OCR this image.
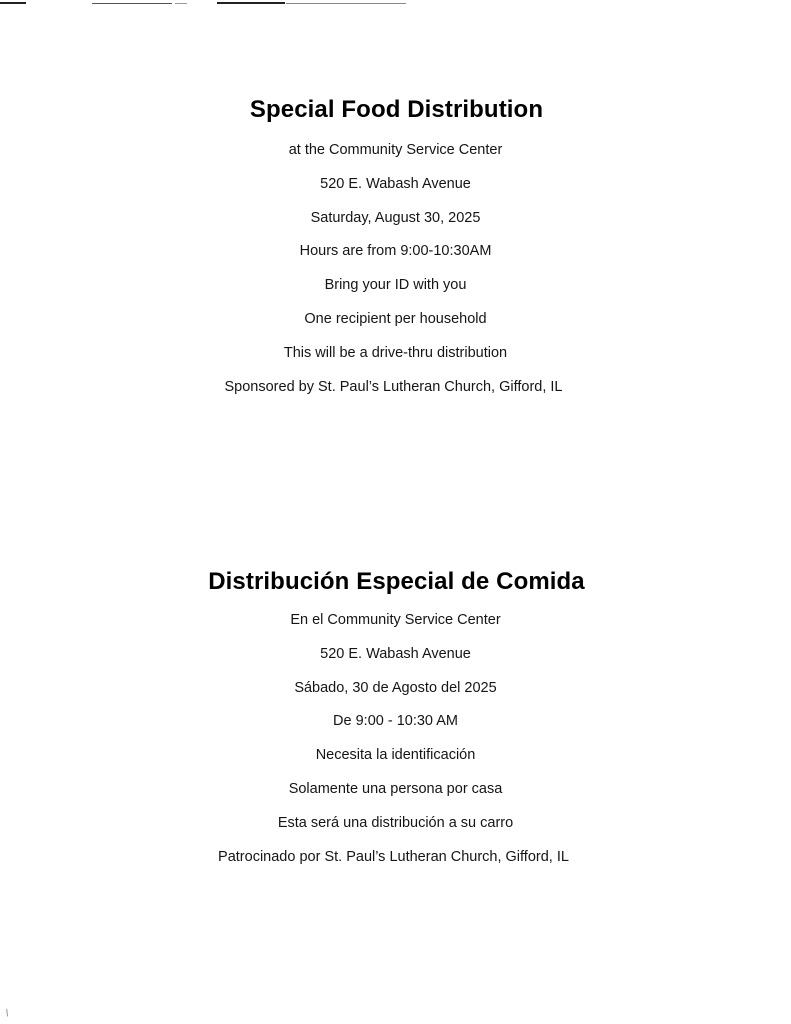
Special Food Distribution

at the Community Service Center

520 E. Wabash Avenue

Saturday, August 30, 2025

Hours are from 9:00-10:30AM

Bring your ID with you

One recipient per household

This will be a drive-thru distribution

Sponsored by St. Paul’s Lutheran Church, Gifford, IL

Distribución Especial de Comida

En el Community Service Center

520 E. Wabash Avenue

Sábado, 30 de Agosto del 2025

De 9:00 - 10:30 AM

Necesita la identificación

Solamente una persona por casa

Esta será una distribución a su carro

Patrocinado por St. Paul’s Lutheran Church, Gifford, IL

/
